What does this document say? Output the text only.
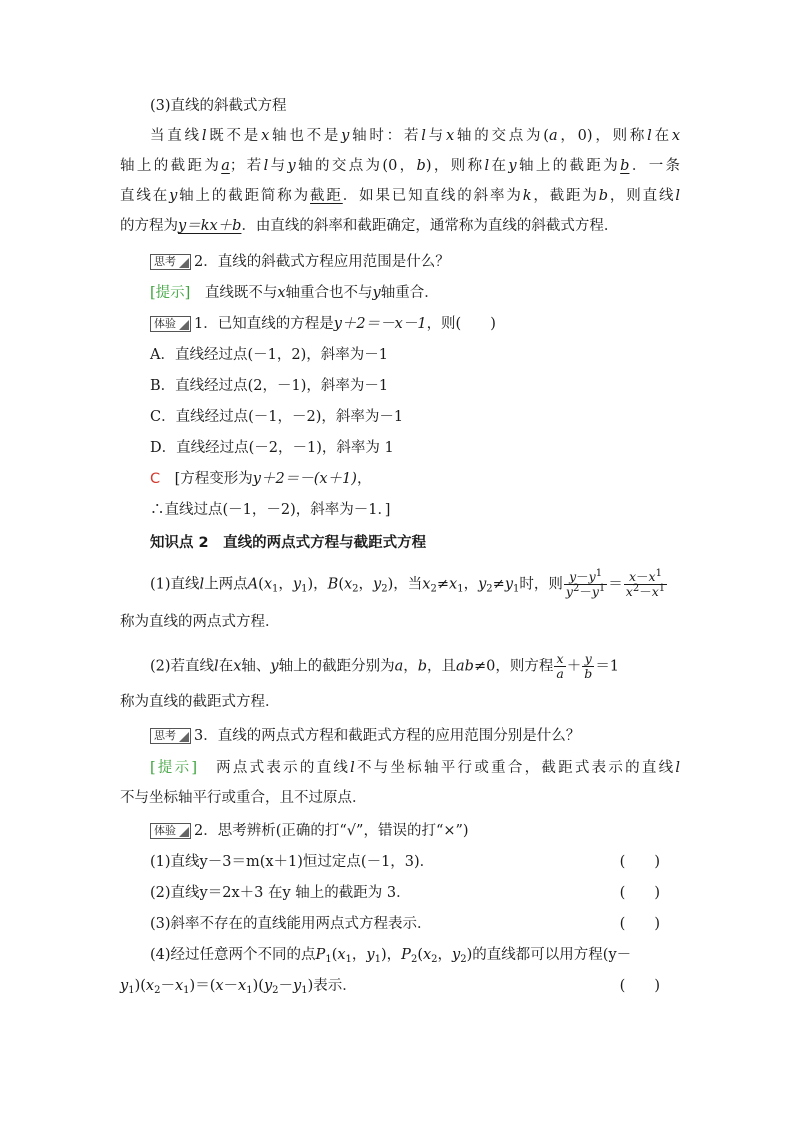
(3)直线的斜截式方程
当直线l既不是x轴也不是y轴时：若l与x轴的交点为(a，0)，则称l在x
轴上的截距为a；若l与y轴的交点为(0，b)，则称l在y轴上的截距为b．一条
直线在y轴上的截距简称为截距．如果已知直线的斜率为k，截距为b，则直线l
的方程为y＝kx＋b．由直线的斜率和截距确定，通常称为直线的斜截式方程．
思考 2．直线的斜截式方程应用范围是什么？
[提示]　 直线既不与x轴重合也不与y轴重合．
体验 1．已知直线的方程是y＋2＝－x－1，则(　　)
A．直线经过点(－1，2)，斜率为－1
B．直线经过点(2，－1)，斜率为－1
C．直线经过点(－1，－2)，斜率为－1
D．直线经过点(－2，－1)，斜率为 1
C　 [方程变形为y＋2＝－(x＋1)，
∴直线过点(－1，－2)，斜率为－1．]
知识点 2　 直线的两点式方程与截距式方程
(1)直线l上两点$A(x_1$，$y_1$)，$B(x_2$，$y_2$)，当$x_2\ne x_1$，$y_2\ne y_1$时，则 $\frac{y-y^1}{y^2-y^1} = \frac{x-x^1}{x^2-x^1}$
称为直线的两点式方程．
(2)若直线l在x轴、y轴上的截距分别为a，b，且ab≠0，则方程 $\frac{x}{a} + \frac{y}{b} =1$
称为直线的截距式方程．
思考 3．直线的两点式方程和截距式方程的应用范围分别是什么？
[提示]　 两点式表示的直线l不与坐标轴平行或重合，截距式表示的直线l
不与坐标轴平行或重合，且不过原点．
体验 2．思考辨析(正确的打“√”，错误的打“×”)
(1)直线y－3＝m(x＋1)恒过定点(－1，3)．	(　　)
(2)直线y＝2x＋3 在y 轴上的截距为 3．	(　　)
(3)斜率不存在的直线能用两点式方程表示．	(　　)
(4)经过任意两个不同的点$P_1(x_1$，$y_1$)，$P_2(x_2$，$y_2$)的直线都可以用方程(y－
$y_1)(x_2-x_1)=(x-x_1)(y_2-y_1)$表示．	(　　)
